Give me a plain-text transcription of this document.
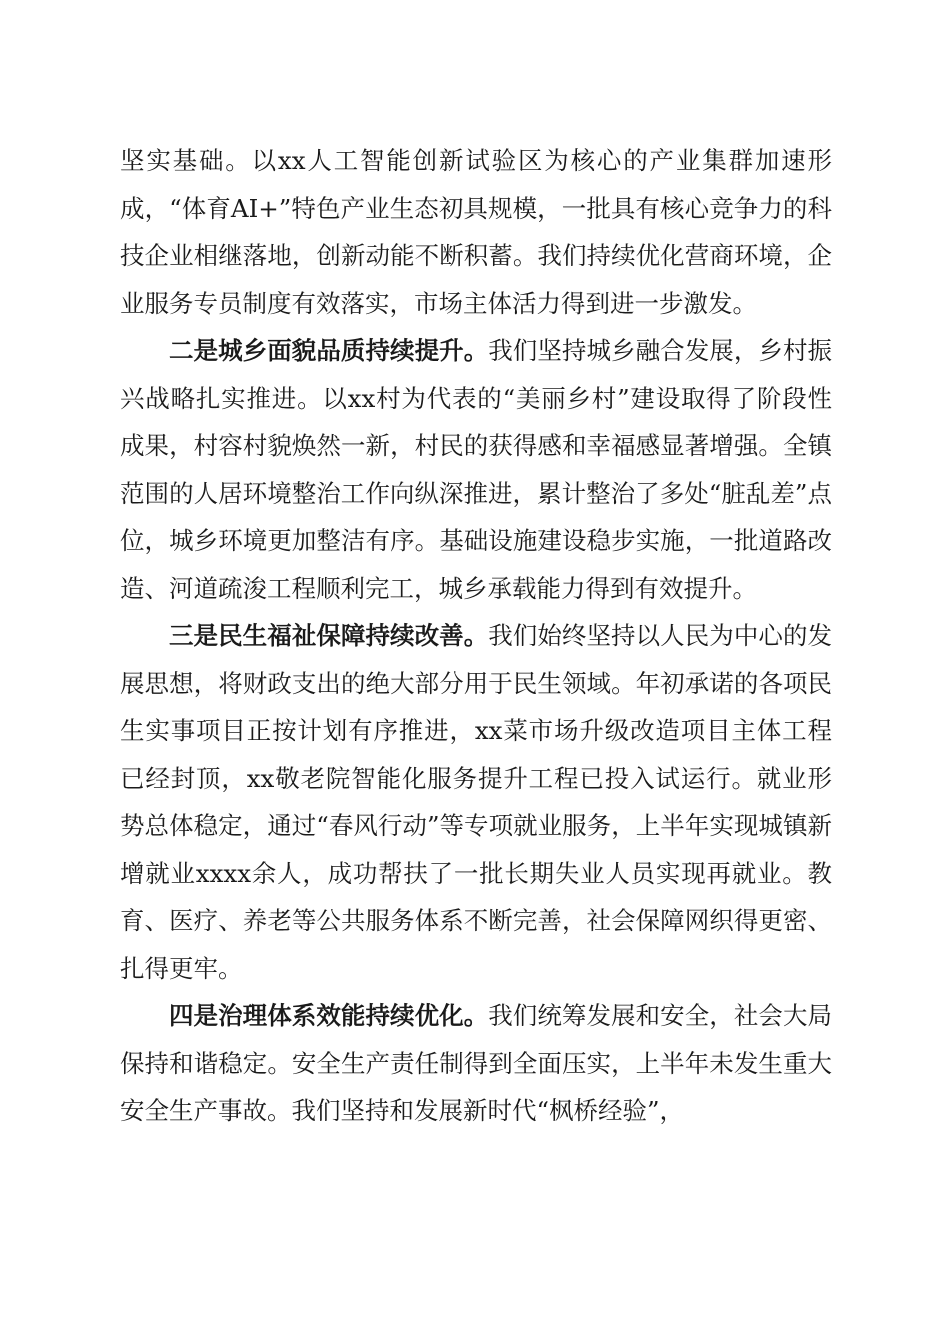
坚实基础。以xx人工智能创新试验区为核心的产业集群加速形成，“体育AI+”特色产业生态初具规模，一批具有核心竞争力的科技企业相继落地，创新动能不断积蓄。我们持续优化营商环境，企业服务专员制度有效落实，市场主体活力得到进一步激发。

二是城乡面貌品质持续提升。我们坚持城乡融合发展，乡村振兴战略扎实推进。以xx村为代表的“美丽乡村”建设取得了阶段性成果，村容村貌焕然一新，村民的获得感和幸福感显著增强。全镇范围的人居环境整治工作向纵深推进，累计整治了多处“脏乱差”点位，城乡环境更加整洁有序。基础设施建设稳步实施，一批道路改造、河道疏浚工程顺利完工，城乡承载能力得到有效提升。

三是民生福祉保障持续改善。我们始终坚持以人民为中心的发展思想，将财政支出的绝大部分用于民生领域。年初承诺的各项民生实事项目正按计划有序推进，xx菜市场升级改造项目主体工程已经封顶，xx敬老院智能化服务提升工程已投入试运行。就业形势总体稳定，通过“春风行动”等专项就业服务，上半年实现城镇新增就业xxxx余人，成功帮扶了一批长期失业人员实现再就业。教育、医疗、养老等公共服务体系不断完善，社会保障网织得更密、扎得更牢。

四是治理体系效能持续优化。我们统筹发展和安全，社会大局保持和谐稳定。安全生产责任制得到全面压实，上半年未发生重大安全生产事故。我们坚持和发展新时代“枫桥经验”，
